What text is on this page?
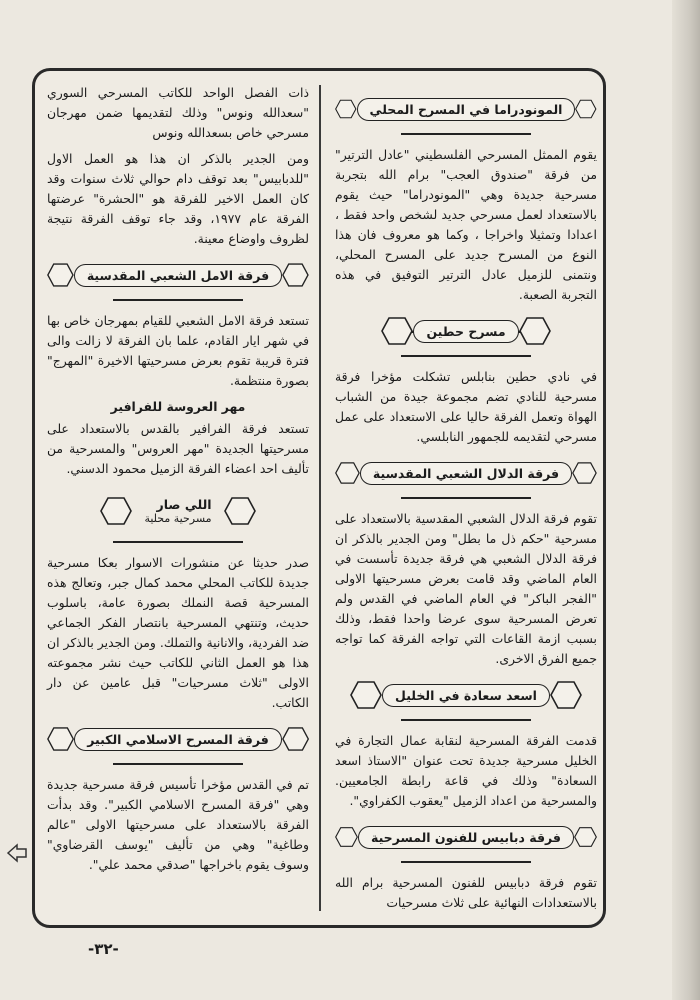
المونودراما في المسرح المحلي

يقوم الممثل المسرحي الفلسطيني "عادل الترتير" من فرقة "صندوق العجب" برام الله بتجربة مسرحية جديدة وهي "المونودراما" حيث يقوم بالاستعداد لعمل مسرحي جديد لشخص واحد فقط ، اعدادا وتمثيلا واخراجا ، وكما هو معروف فان هذا النوع من المسرح جديد على المسرح المحلي، ونتمنى للزميل عادل الترتير التوفيق في هذه التجربة الصعبة.

مسرح حطين

في نادي حطين بنابلس تشكلت مؤخرا فرقة مسرحية للنادي تضم مجموعة جيدة من الشباب الهواة وتعمل الفرقة حاليا على الاستعداد على عمل مسرحي لتقديمه للجمهور النابلسي.

فرقة الدلال الشعبي المقدسية

تقوم فرقة الدلال الشعبي المقدسية بالاستعداد على مسرحية "حكم ذل ما بطل" ومن الجدير بالذكر ان فرقة الدلال الشعبي هي فرقة جديدة تأسست في العام الماضي وقد قامت بعرض مسرحيتها الاولى "الفجر الباكر" في العام الماضي في القدس ولم تعرض المسرحية سوى عرضا واحدا فقط، وذلك بسبب ازمة القاعات التي تواجه الفرقة كما تواجه جميع الفرق الاخرى.

اسعد سعادة في الخليل

قدمت الفرقة المسرحية لنقابة عمال التجارة في الخليل مسرحية جديدة تحت عنوان "الاستاذ اسعد السعادة" وذلك في قاعة رابطة الجامعيين. والمسرحية من اعداد الزميل "يعقوب الكفراوي".

فرقة دبابيس للفنون المسرحية

تقوم فرقة دبابيس للفنون المسرحية برام الله بالاستعدادات النهائية على ثلاث مسرحيات

ذات الفصل الواحد للكاتب المسرحي السوري "سعدالله ونوس" وذلك لتقديمها ضمن مهرجان مسرحي خاص بسعدالله ونوس

ومن الجدير بالذكر ان هذا هو العمل الاول "للدبابيس" بعد توقف دام حوالي ثلاث سنوات وقد كان العمل الاخير للفرقة هو "الحشرة" عرضتها الفرقة عام ١٩٧٧، وقد جاء توقف الفرقة نتيجة لظروف واوضاع معينة.

فرقة الامل الشعبي المقدسية

تستعد فرقة الامل الشعبي للقيام بمهرجان خاص بها في شهر ايار القادم، علما بان الفرقة لا زالت والى فترة قريبة تقوم بعرض مسرحيتها الاخيرة "المهرج" بصورة منتظمة.

مهر العروسة للفرافير

تستعد فرقة الفرافير بالقدس بالاستعداد على مسرحيتها الجديدة "مهر العروس" والمسرحية من تأليف احد اعضاء الفرقة الزميل محمود الدسني.

اللي صار
مسرحية محلية

صدر حديثا عن منشورات الاسوار بعكا مسرحية جديدة للكاتب المحلي محمد كمال جبر، وتعالج هذه المسرحية قصة النملك بصورة عامة، باسلوب حديث، وتنتهي المسرحية بانتصار الفكر الجماعي ضد الفردية، والانانية والتملك. ومن الجدير بالذكر ان هذا هو العمل الثاني للكاتب حيث نشر مجموعته الاولى "ثلاث مسرحيات" قبل عامين عن دار الكاتب.

فرقة المسرح الاسلامي الكبير

تم في القدس مؤخرا تأسيس فرقة مسرحية جديدة وهي "فرقة المسرح الاسلامي الكبير". وقد بدأت الفرقة بالاستعداد على مسرحيتها الاولى "عالم وطاغية" وهي من تأليف "يوسف القرضاوي" وسوف يقوم باخراجها "صدقي محمد علي".

-٣٢-
